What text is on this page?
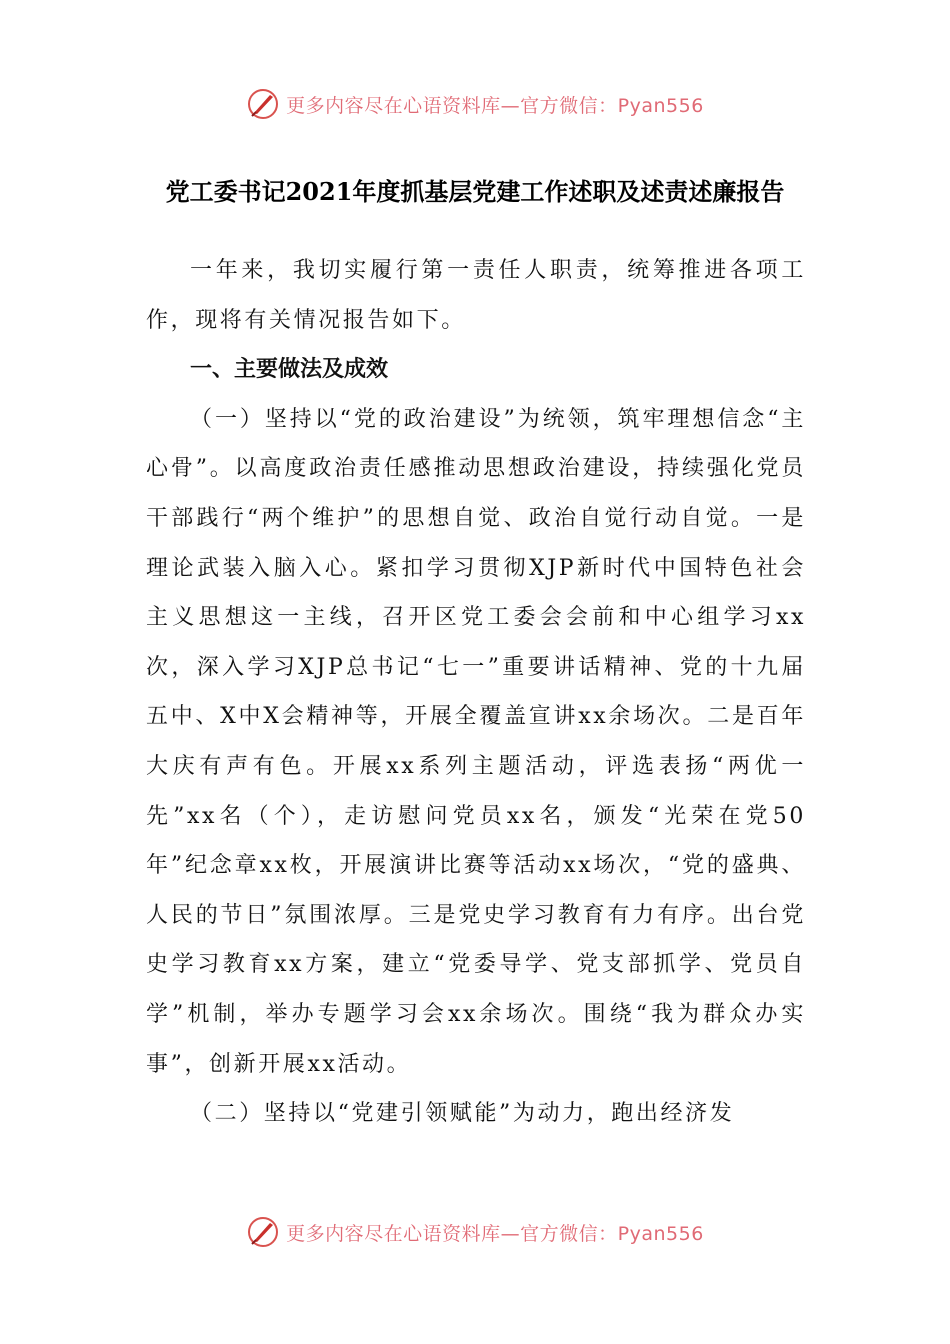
更多内容尽在心语资料库—官方微信：Pyan556
党工委书记2021年度抓基层党建工作述职及述责述廉报告

一年来，我切实履行第一责任人职责，统筹推进各项工作，现将有关情况报告如下。

一、主要做法及成效

（一）坚持以“党的政治建设”为统领，筑牢理想信念“主心骨”。以高度政治责任感推动思想政治建设，持续强化党员干部践行“两个维护”的思想自觉、政治自觉行动自觉。一是理论武装入脑入心。紧扣学习贯彻XJP新时代中国特色社会主义思想这一主线，召开区党工委会会前和中心组学习xx次，深入学习XJP总书记“七一”重要讲话精神、党的十九届五中、X中X会精神等，开展全覆盖宣讲xx余场次。二是百年大庆有声有色。开展xx系列主题活动，评选表扬“两优一先”xx名（个），走访慰问党员xx名，颁发“光荣在党50年”纪念章xx枚，开展演讲比赛等活动xx场次，“党的盛典、人民的节日”氛围浓厚。三是党史学习教育有力有序。出台党史学习教育xx方案，建立“党委导学、党支部抓学、党员自学”机制，举办专题学习会xx余场次。围绕“我为群众办实事”，创新开展xx活动。

（二）坚持以“党建引领赋能”为动力，跑出经济发

更多内容尽在心语资料库—官方微信：Pyan556
